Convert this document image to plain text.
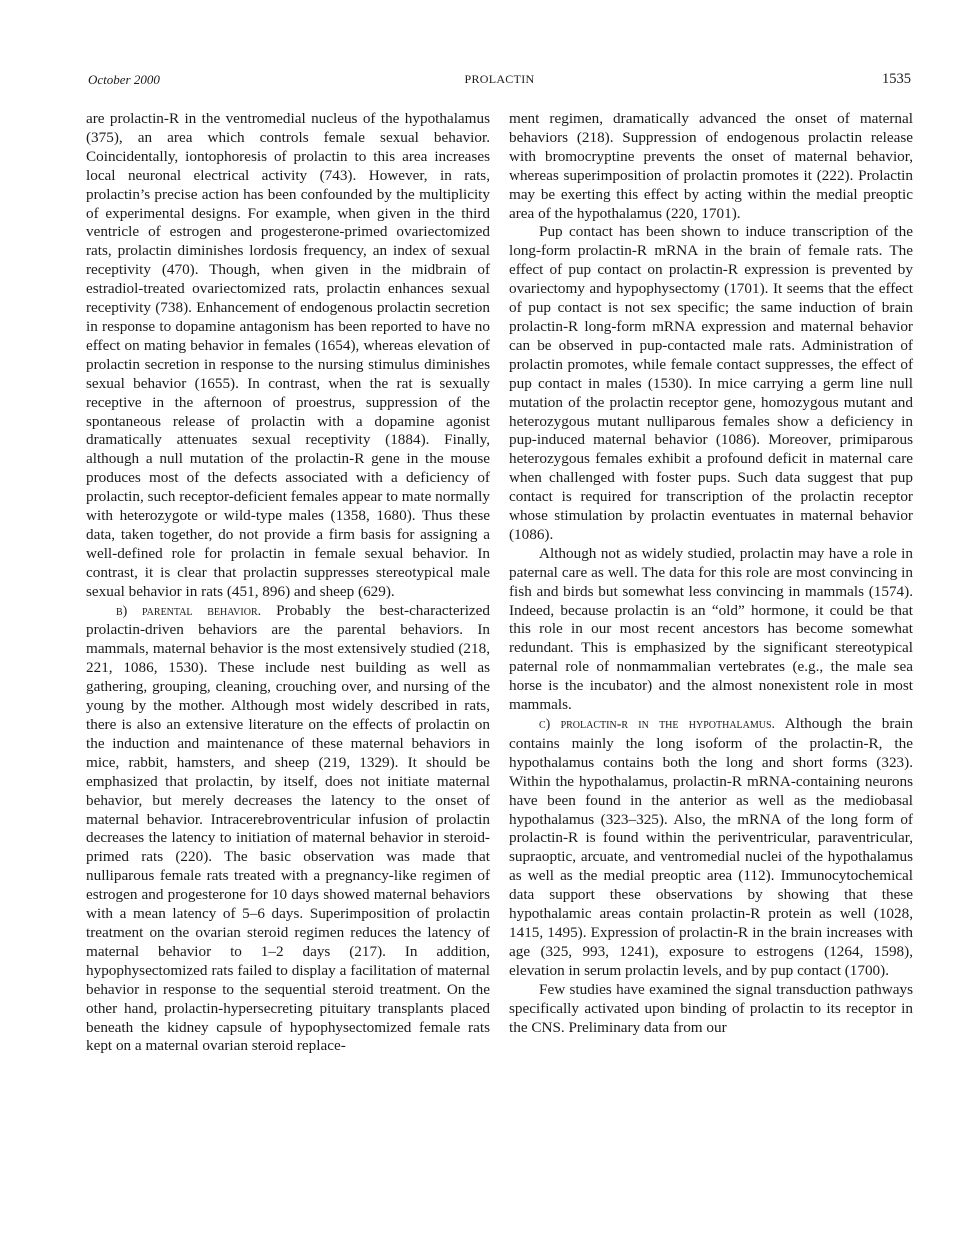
October 2000	PROLACTIN	1535

are prolactin-R in the ventromedial nucleus of the hypothalamus (375), an area which controls female sexual behavior. Coincidentally, iontophoresis of prolactin to this area increases local neuronal electrical activity (743). However, in rats, prolactin’s precise action has been confounded by the multiplicity of experimental designs. For example, when given in the third ventricle of estrogen and progesterone-primed ovariectomized rats, prolactin diminishes lordosis frequency, an index of sexual receptivity (470). Though, when given in the midbrain of estradiol-treated ovariectomized rats, prolactin enhances sexual receptivity (738). Enhancement of endogenous prolactin secretion in response to dopamine antagonism has been reported to have no effect on mating behavior in females (1654), whereas elevation of prolactin secretion in response to the nursing stimulus diminishes sexual behavior (1655). In contrast, when the rat is sexually receptive in the afternoon of proestrus, suppression of the spontaneous release of prolactin with a dopamine agonist dramatically attenuates sexual receptivity (1884). Finally, although a null mutation of the prolactin-R gene in the mouse produces most of the defects associated with a deficiency of prolactin, such receptor-deficient females appear to mate normally with heterozygote or wild-type males (1358, 1680). Thus these data, taken together, do not provide a firm basis for assigning a well-defined role for prolactin in female sexual behavior. In contrast, it is clear that prolactin suppresses stereotypical male sexual behavior in rats (451, 896) and sheep (629).

b) parental behavior. Probably the best-characterized prolactin-driven behaviors are the parental behaviors. In mammals, maternal behavior is the most extensively studied (218, 221, 1086, 1530). These include nest building as well as gathering, grouping, cleaning, crouching over, and nursing of the young by the mother. Although most widely described in rats, there is also an extensive literature on the effects of prolactin on the induction and maintenance of these maternal behaviors in mice, rabbit, hamsters, and sheep (219, 1329). It should be emphasized that prolactin, by itself, does not initiate maternal behavior, but merely decreases the latency to the onset of maternal behavior. Intracerebroventricular infusion of prolactin decreases the latency to initiation of maternal behavior in steroid-primed rats (220). The basic observation was made that nulliparous female rats treated with a pregnancy-like regimen of estrogen and progesterone for 10 days showed maternal behaviors with a mean latency of 5–6 days. Superimposition of prolactin treatment on the ovarian steroid regimen reduces the latency of maternal behavior to 1–2 days (217). In addition, hypophysectomized rats failed to display a facilitation of maternal behavior in response to the sequential steroid treatment. On the other hand, prolactin-hypersecreting pituitary transplants placed beneath the kidney capsule of hypophysectomized female rats kept on a maternal ovarian steroid replace-

ment regimen, dramatically advanced the onset of maternal behaviors (218). Suppression of endogenous prolactin release with bromocryptine prevents the onset of maternal behavior, whereas superimposition of prolactin promotes it (222). Prolactin may be exerting this effect by acting within the medial preoptic area of the hypothalamus (220, 1701).

Pup contact has been shown to induce transcription of the long-form prolactin-R mRNA in the brain of female rats. The effect of pup contact on prolactin-R expression is prevented by ovariectomy and hypophysectomy (1701). It seems that the effect of pup contact is not sex specific; the same induction of brain prolactin-R long-form mRNA expression and maternal behavior can be observed in pup-contacted male rats. Administration of prolactin promotes, while female contact suppresses, the effect of pup contact in males (1530). In mice carrying a germ line null mutation of the prolactin receptor gene, homozygous mutant and heterozygous mutant nulliparous females show a deficiency in pup-induced maternal behavior (1086). Moreover, primiparous heterozygous females exhibit a profound deficit in maternal care when challenged with foster pups. Such data suggest that pup contact is required for transcription of the prolactin receptor whose stimulation by prolactin eventuates in maternal behavior (1086).

Although not as widely studied, prolactin may have a role in paternal care as well. The data for this role are most convincing in fish and birds but somewhat less convincing in mammals (1574). Indeed, because prolactin is an “old” hormone, it could be that this role in our most recent ancestors has become somewhat redundant. This is emphasized by the significant stereotypical paternal role of nonmammalian vertebrates (e.g., the male sea horse is the incubator) and the almost nonexistent role in most mammals.

c) prolactin-r in the hypothalamus. Although the brain contains mainly the long isoform of the prolactin-R, the hypothalamus contains both the long and short forms (323). Within the hypothalamus, prolactin-R mRNA-containing neurons have been found in the anterior as well as the mediobasal hypothalamus (323–325). Also, the mRNA of the long form of prolactin-R is found within the periventricular, paraventricular, supraoptic, arcuate, and ventromedial nuclei of the hypothalamus as well as the medial preoptic area (112). Immunocytochemical data support these observations by showing that these hypothalamic areas contain prolactin-R protein as well (1028, 1415, 1495). Expression of prolactin-R in the brain increases with age (325, 993, 1241), exposure to estrogens (1264, 1598), elevation in serum prolactin levels, and by pup contact (1700).

Few studies have examined the signal transduction pathways specifically activated upon binding of prolactin to its receptor in the CNS. Preliminary data from our
